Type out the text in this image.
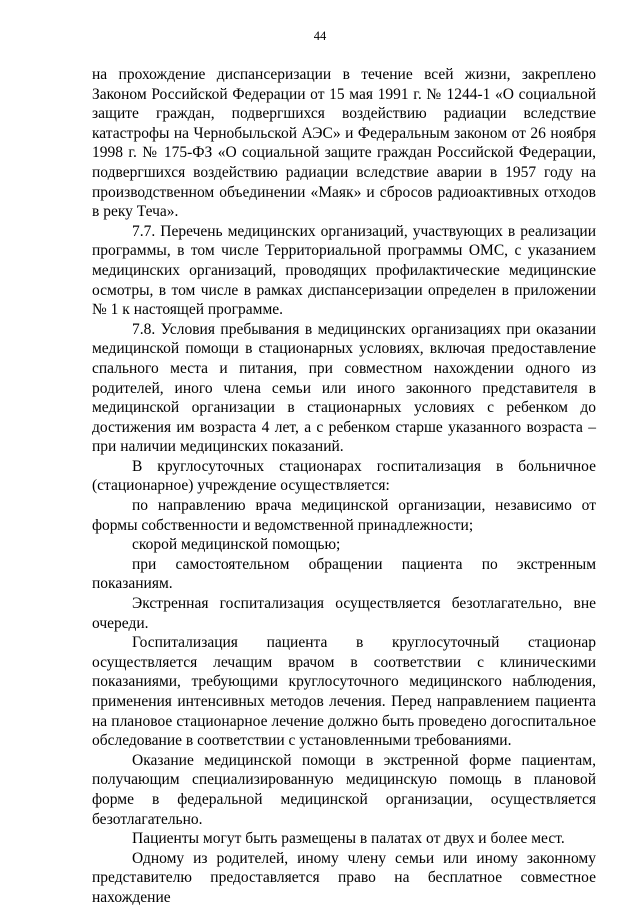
44

на прохождение диспансеризации в течение всей жизни, закреплено Законом Российской Федерации от 15 мая 1991 г. № 1244-1 «О социальной защите граждан, подвергшихся воздействию радиации вследствие катастрофы на Чернобыльской АЭС» и Федеральным законом от 26 ноября 1998 г. № 175-ФЗ «О социальной защите граждан Российской Федерации, подвергшихся воздействию радиации вследствие аварии в 1957 году на производственном объединении «Маяк» и сбросов радиоактивных отходов в реку Теча».

7.7. Перечень медицинских организаций, участвующих в реализации программы, в том числе Территориальной программы ОМС, с указанием медицинских организаций, проводящих профилактические медицинские осмотры, в том числе в рамках диспансеризации определен в приложении № 1 к настоящей программе.

7.8. Условия пребывания в медицинских организациях при оказании медицинской помощи в стационарных условиях, включая предоставление спального места и питания, при совместном нахождении одного из родителей, иного члена семьи или иного законного представителя в медицинской организации в стационарных условиях с ребенком до достижения им возраста 4 лет, а с ребенком старше указанного возраста – при наличии медицинских показаний.

В круглосуточных стационарах госпитализация в больничное (стационарное) учреждение осуществляется:

по направлению врача медицинской организации, независимо от формы собственности и ведомственной принадлежности;

скорой медицинской помощью;

при самостоятельном обращении пациента по экстренным показаниям.

Экстренная госпитализация осуществляется безотлагательно, вне очереди.

Госпитализация пациента в круглосуточный стационар осуществляется лечащим врачом в соответствии с клиническими показаниями, требующими круглосуточного медицинского наблюдения, применения интенсивных методов лечения. Перед направлением пациента на плановое стационарное лечение должно быть проведено догоспитальное обследование в соответствии с установленными требованиями.

Оказание медицинской помощи в экстренной форме пациентам, получающим специализированную медицинскую помощь в плановой форме в федеральной медицинской организации, осуществляется безотлагательно.

Пациенты могут быть размещены в палатах от двух и более мест.

Одному из родителей, иному члену семьи или иному законному представителю предоставляется право на бесплатное совместное нахождение
